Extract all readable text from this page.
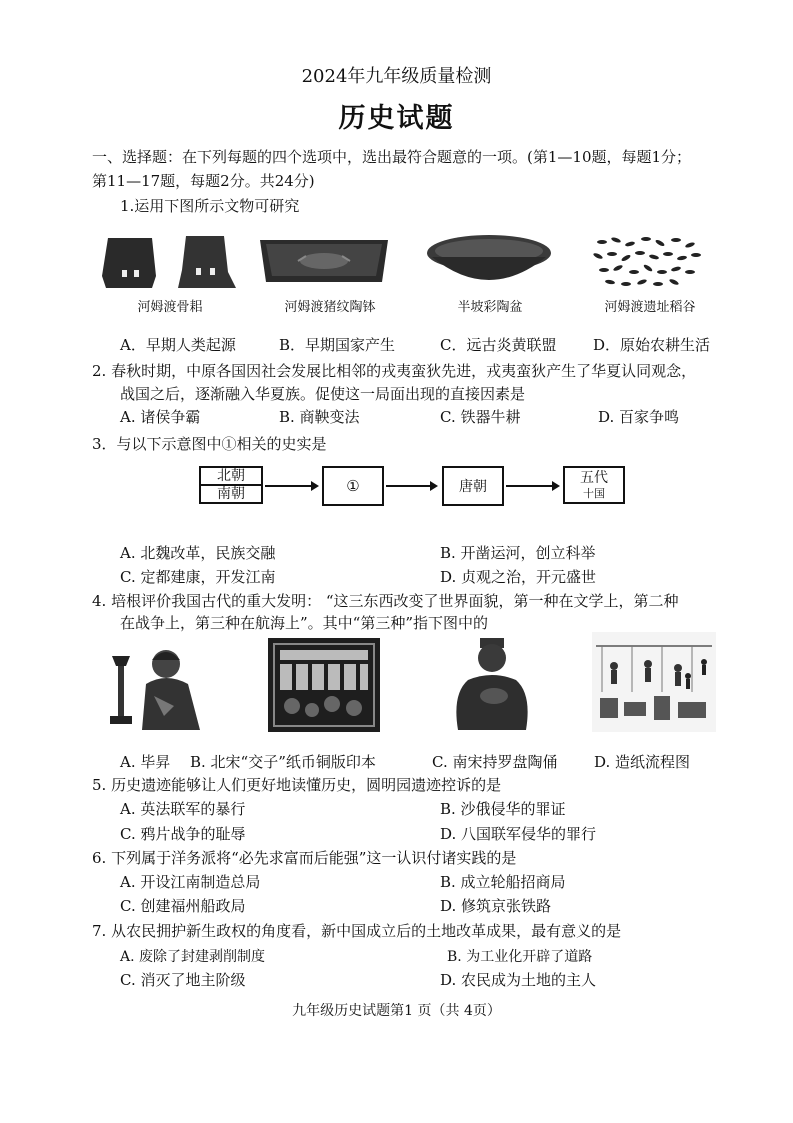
2024年九年级质量检测
历史试题
一、选择题：在下列每题的四个选项中，选出最符合题意的一项。(第1—10题，每题1分；
第11—17题，每题2分。共24分)
1.运用下图所示文物可研究
河姆渡骨耜	河姆渡猪纹陶钵	半坡彩陶盆	河姆渡遗址稻谷
A．早期人类起源	B．早期国家产生	C．远古炎黄联盟 D．原始农耕生活
2. 春秋时期，中原各国因社会发展比相邻的戎夷蛮狄先进，戎夷蛮狄产生了华夏认同观念，
战国之后，逐渐融入华夏族。促使这一局面出现的直接因素是
A. 诸侯争霸	B. 商鞅变法	C. 铁器牛耕	D. 百家争鸣
3．与以下示意图中①相关的史实是
北朝
南朝	①	唐朝
五代
十国
A. 北魏改革，民族交融	B. 开凿运河，创立科举
C. 定都建康，开发江南	D. 贞观之治，开元盛世
4. 培根评价我国古代的重大发明： “这三东西改变了世界面貌，第一种在文学上，第二种
在战争上，第三种在航海上”。其中“第三种”指下图中的
A. 毕昇 B. 北宋“交子”纸币铜版印本	C. 南宋持罗盘陶俑 D. 造纸流程图
5. 历史遗迹能够让人们更好地读懂历史，圆明园遗迹控诉的是
A. 英法联军的暴行	B. 沙俄侵华的罪证
C. 鸦片战争的耻辱	D. 八国联军侵华的罪行
6. 下列属于洋务派将“必先求富而后能强”这一认识付诸实践的是
A. 开设江南制造总局	B. 成立轮船招商局
C. 创建福州船政局	D. 修筑京张铁路
7. 从农民拥护新生政权的角度看，新中国成立后的土地改革成果，最有意义的是
A. 废除了封建剥削制度	B. 为工业化开辟了道路
C. 消灭了地主阶级	D. 农民成为土地的主人
九年级历史试题第1 页（共 4页）
